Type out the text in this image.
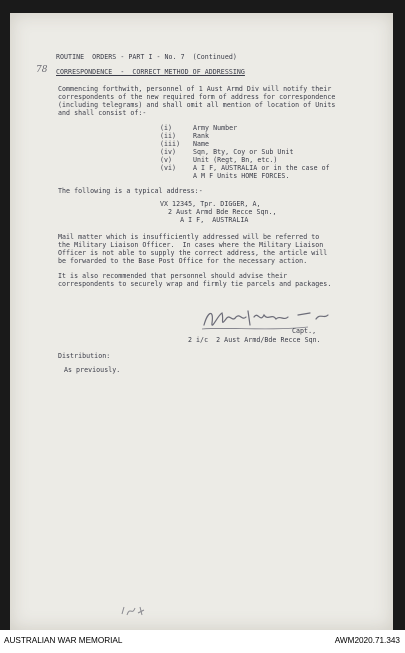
ROUTINE  ORDERS - PART I - No. 7  (Continued)
78 CORRESPONDENCE  -  CORRECT METHOD OF ADDRESSING
Commencing forthwith, personnel of 1 Aust Armd Div will notify their
correspondents of the new required form of address for correspondence
(including telegrams) and shall omit all mention of location of Units
and shall consist of:-
(i)	Army Number
(ii)	Rank
(iii) Name
(iv)	Sqn, Bty, Coy or Sub Unit
(v)	Unit (Regt, Bn, etc.)
(vi)	A I F, AUSTRALIA or in the case of
A M F Units HOME FORCES.
The following is a typical address:-
VX 12345, Tpr. DIGGER, A,
2 Aust Armd Bde Recce Sqn.,
A I F,  AUSTRALIA
Mail matter which is insufficiently addressed will be referred to
the Military Liaison Officer.  In cases where the Military Liaison
Officer is not able to supply the correct address, the article will
be forwarded to the Base Post Office for the necessary action.
It is also recommended that personnel should advise their
correspondents to securely wrap and firmly tie parcels and packages.
Capt.,
2 i/c  2 Aust Armd/Bde Recce Sqn.
Distribution:
As previously.
AUSTRALIAN WAR MEMORIAL	AWM2020.71.343
